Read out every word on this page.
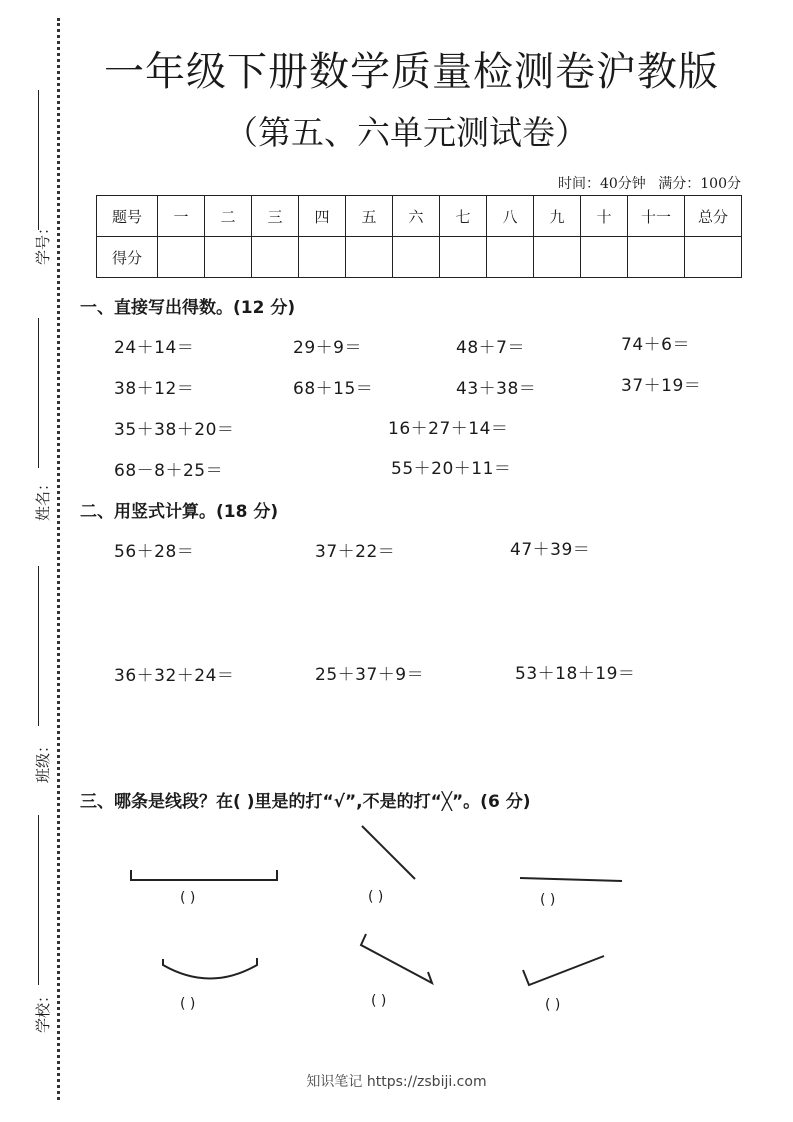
学号：
姓名：
班级：
学校：
一年级下册数学质量检测卷沪教版
（第五、六单元测试卷）
时间：40分钟 满分：100分
题号	一	二	三	四	五	六	七	八	九	十	十一	总分
得分												
一、直接写出得数。(12 分)
24＋14＝	29＋9＝	48＋7＝	74＋6＝
38＋12＝	68＋15＝	43＋38＝	37＋19＝
35＋38＋20＝	16＋27＋14＝
68－8＋25＝	55＋20＋11＝
二、用竖式计算。(18 分)
56＋28＝	37＋22＝	47＋39＝
36＋32＋24＝	25＋37＋9＝	53＋18＋19＝
三、哪条是线段？在( )里是的打“√”,不是的打“╳”。(6 分)
( )	( )	( )
( )	( )	( )
知识笔记 https://zsbiji.com
